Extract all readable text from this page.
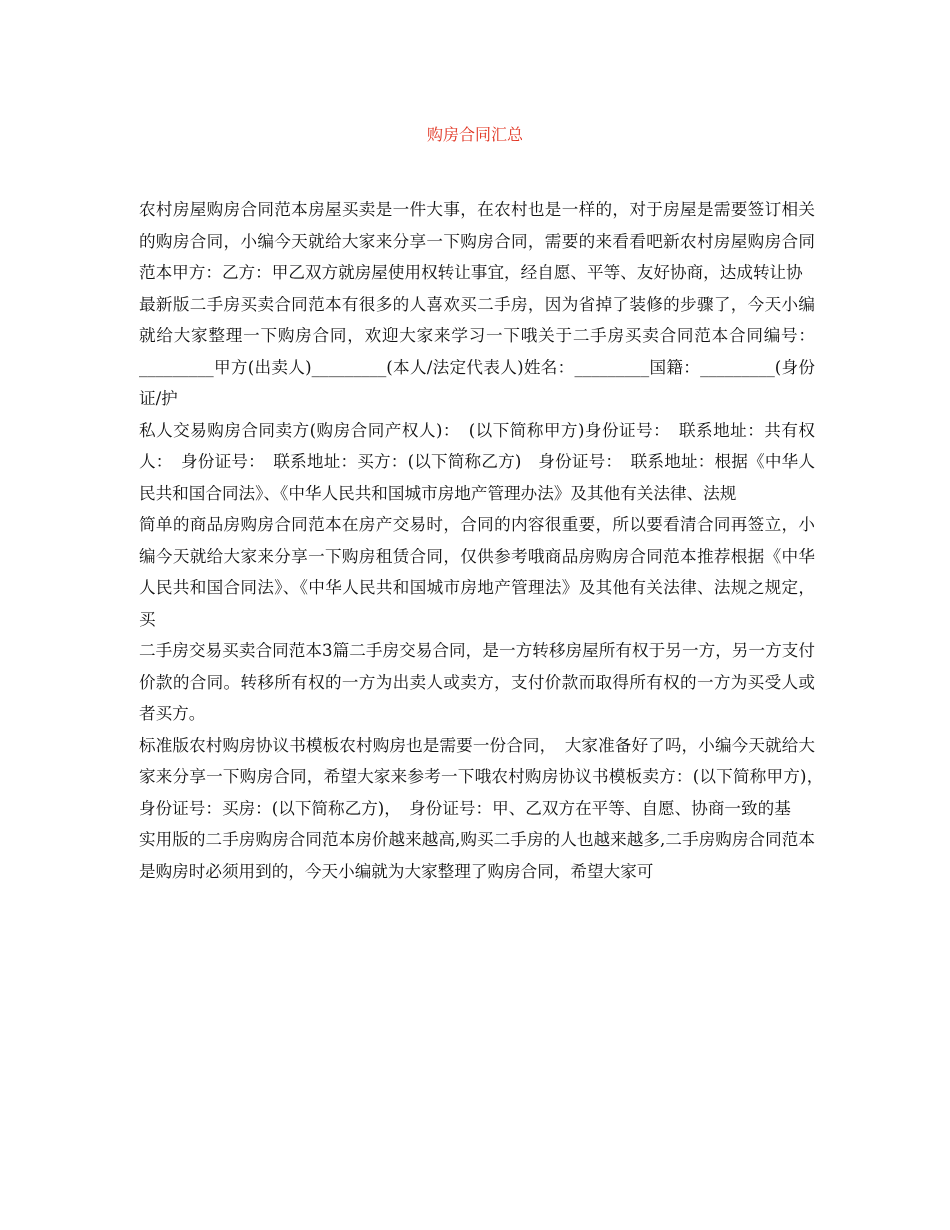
购房合同汇总

农村房屋购房合同范本房屋买卖是一件大事，在农村也是一样的，对于房屋是需要签订相关的购房合同，小编今天就给大家来分享一下购房合同，需要的来看看吧新农村房屋购房合同范本甲方：乙方：甲乙双方就房屋使用权转让事宜，经自愿、平等、友好协商，达成转让协

最新版二手房买卖合同范本有很多的人喜欢买二手房，因为省掉了装修的步骤了，今天小编就给大家整理一下购房合同，欢迎大家来学习一下哦关于二手房买卖合同范本合同编号：_________甲方(出卖人)_________(本人/法定代表人)姓名：_________国籍：_________(身份证/护

私人交易购房合同卖方(购房合同产权人)：　(以下简称甲方)身份证号：　联系地址：共有权人：　身份证号：　联系地址：买方：(以下简称乙方)　身份证号：　联系地址：根据《中华人民共和国合同法》、《中华人民共和国城市房地产管理办法》及其他有关法律、法规

简单的商品房购房合同范本在房产交易时，合同的内容很重要，所以要看清合同再签立，小编今天就给大家来分享一下购房租赁合同，仅供参考哦商品房购房合同范本推荐根据《中华人民共和国合同法》、《中华人民共和国城市房地产管理法》及其他有关法律、法规之规定，买

二手房交易买卖合同范本3篇二手房交易合同，是一方转移房屋所有权于另一方，另一方支付价款的合同。转移所有权的一方为出卖人或卖方，支付价款而取得所有权的一方为买受人或者买方。

标准版农村购房协议书模板农村购房也是需要一份合同，　大家准备好了吗，小编今天就给大家来分享一下购房合同，希望大家来参考一下哦农村购房协议书模板卖方：(以下简称甲方)，　身份证号：买房：(以下简称乙方)，　身份证号：甲、乙双方在平等、自愿、协商一致的基

实用版的二手房购房合同范本房价越来越高,购买二手房的人也越来越多,二手房购房合同范本是购房时必须用到的，今天小编就为大家整理了购房合同，希望大家可
